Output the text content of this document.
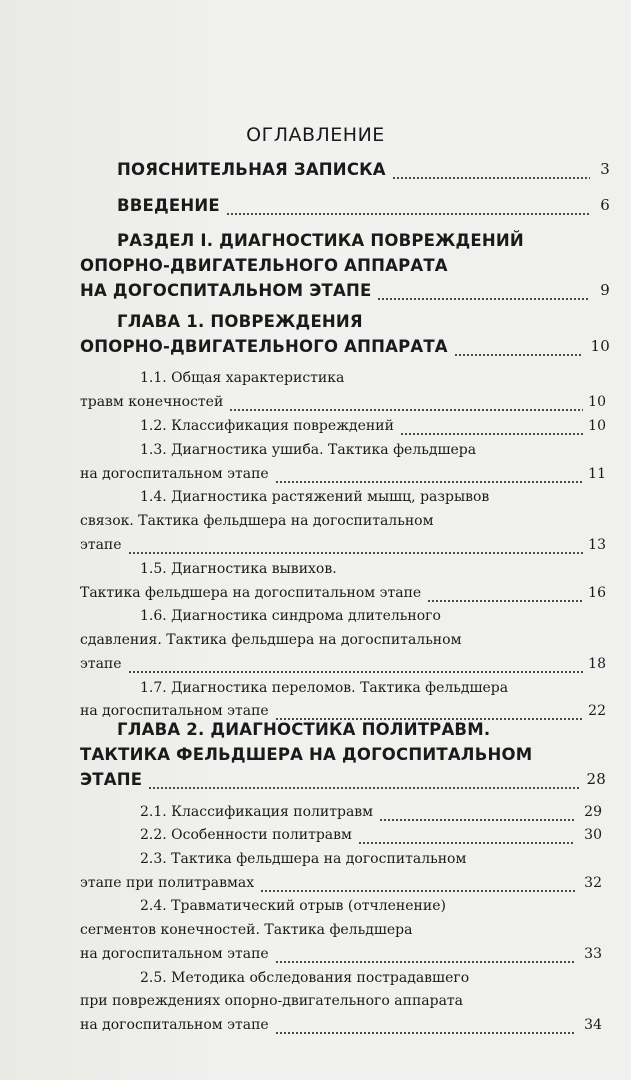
ОГЛАВЛЕНИЕ
ПОЯСНИТЕЛЬНАЯ ЗАПИСКА	3
ВВЕДЕНИЕ	6
РАЗДЕЛ I. ДИАГНОСТИКА ПОВРЕЖДЕНИЙ
ОПОРНО-ДВИГАТЕЛЬНОГО АППАРАТА
НА ДОГОСПИТАЛЬНОМ ЭТАПЕ	9
ГЛАВА 1. ПОВРЕЖДЕНИЯ
ОПОРНО-ДВИГАТЕЛЬНОГО АППАРАТА	10
1.1. Общая характеристика
травм конечностей	10
1.2. Классификация повреждений	10
1.3. Диагностика ушиба. Тактика фельдшера
на догоспитальном этапе	11
1.4. Диагностика растяжений мышц, разрывов
связок. Тактика фельдшера на догоспитальном
этапе	13
1.5. Диагностика вывихов.
Тактика фельдшера на догоспитальном этапе	16
1.6. Диагностика синдрома длительного
сдавления. Тактика фельдшера на догоспитальном
этапе	18
1.7. Диагностика переломов. Тактика фельдшера
на догоспитальном этапе	22
ГЛАВА 2. ДИАГНОСТИКА ПОЛИТРАВМ.
ТАКТИКА ФЕЛЬДШЕРА НА ДОГОСПИТАЛЬНОМ
ЭТАПЕ	28
2.1. Классификация политравм	29
2.2. Особенности политравм	30
2.3. Тактика фельдшера на догоспитальном
этапе при политравмах	32
2.4. Травматический отрыв (отчленение)
сегментов конечностей. Тактика фельдшера
на догоспитальном этапе	33
2.5. Методика обследования пострадавшего
при повреждениях опорно-двигательного аппарата
на догоспитальном этапе	34
